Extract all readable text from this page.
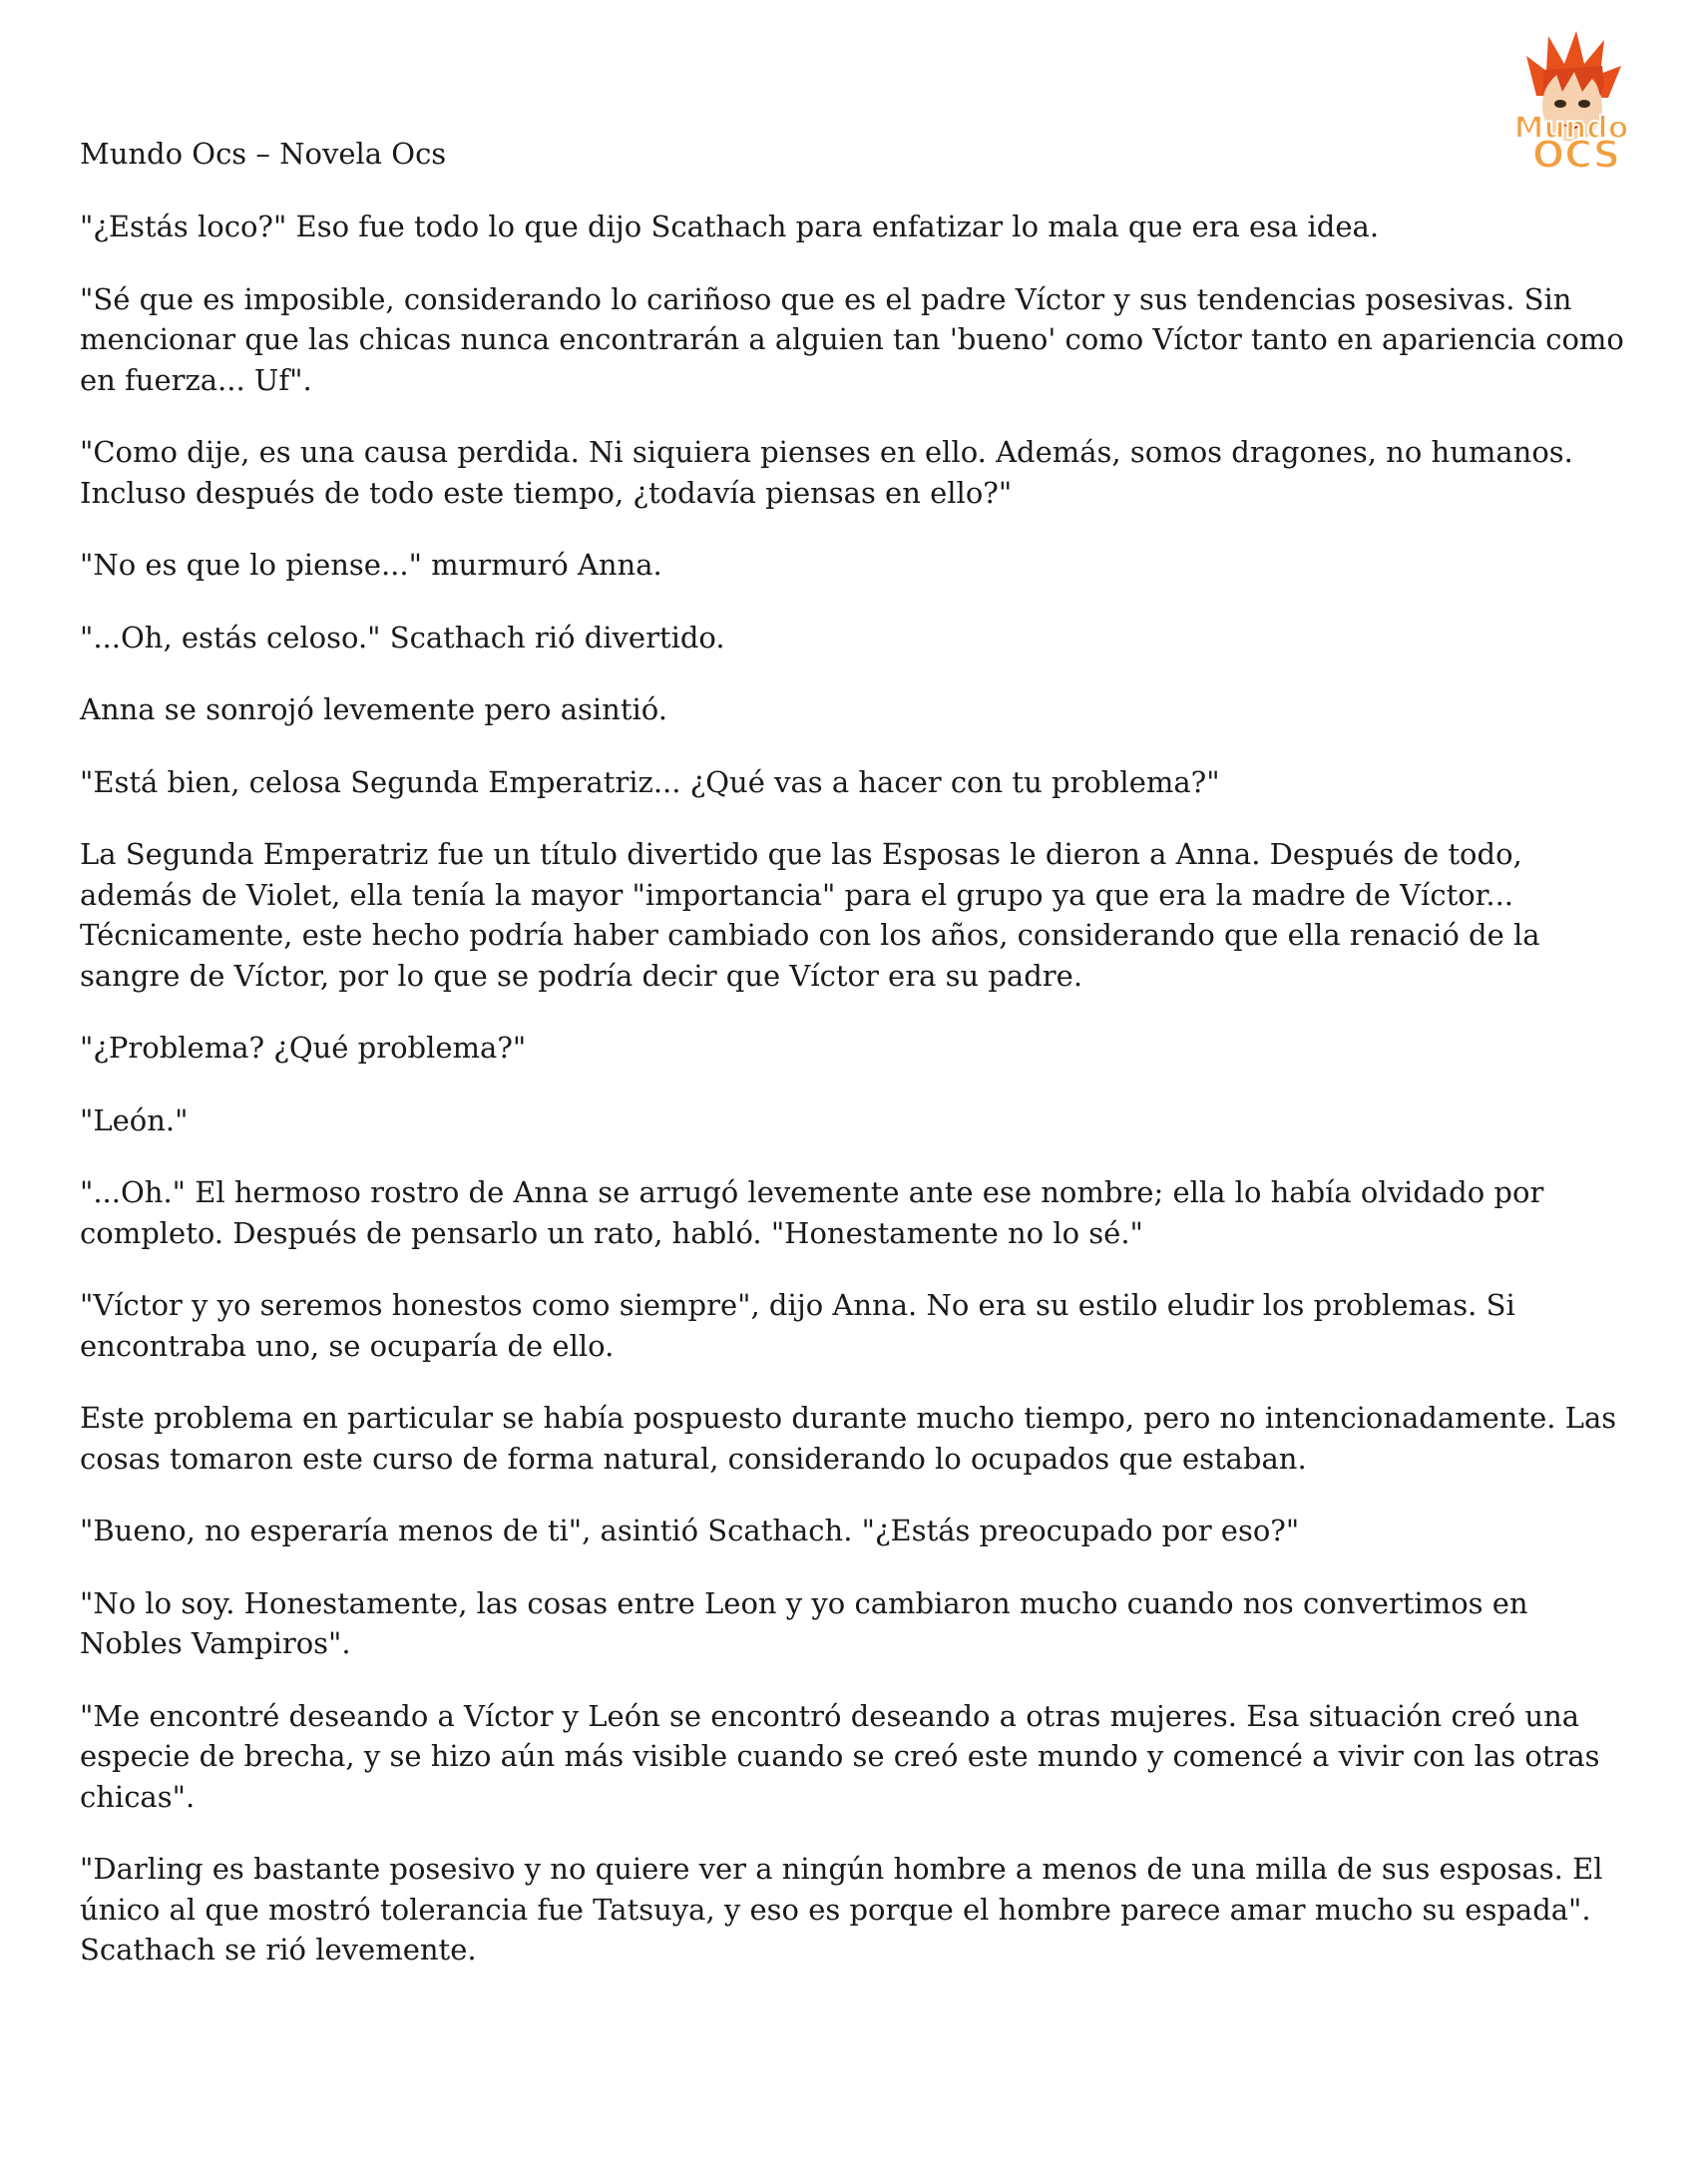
Mundo
OCS
Mundo Ocs – Novela Ocs

"¿Estás loco?" Eso fue todo lo que dijo Scathach para enfatizar lo mala que era esa idea.

"Sé que es imposible, considerando lo cariñoso que es el padre Víctor y sus tendencias posesivas. Sin mencionar que las chicas nunca encontrarán a alguien tan 'bueno' como Víctor tanto en apariencia como en fuerza... Uf".

"Como dije, es una causa perdida. Ni siquiera pienses en ello. Además, somos dragones, no humanos. Incluso después de todo este tiempo, ¿todavía piensas en ello?"

"No es que lo piense..." murmuró Anna.

"...Oh, estás celoso." Scathach rió divertido.

Anna se sonrojó levemente pero asintió.

"Está bien, celosa Segunda Emperatriz... ¿Qué vas a hacer con tu problema?"

La Segunda Emperatriz fue un título divertido que las Esposas le dieron a Anna. Después de todo, además de Violet, ella tenía la mayor "importancia" para el grupo ya que era la madre de Víctor... Técnicamente, este hecho podría haber cambiado con los años, considerando que ella renació de la sangre de Víctor, por lo que se podría decir que Víctor era su padre.

"¿Problema? ¿Qué problema?"

"León."

"...Oh." El hermoso rostro de Anna se arrugó levemente ante ese nombre; ella lo había olvidado por completo. Después de pensarlo un rato, habló. "Honestamente no lo sé."

"Víctor y yo seremos honestos como siempre", dijo Anna. No era su estilo eludir los problemas. Si encontraba uno, se ocuparía de ello.

Este problema en particular se había pospuesto durante mucho tiempo, pero no intencionadamente. Las cosas tomaron este curso de forma natural, considerando lo ocupados que estaban.

"Bueno, no esperaría menos de ti", asintió Scathach. "¿Estás preocupado por eso?"

"No lo soy. Honestamente, las cosas entre Leon y yo cambiaron mucho cuando nos convertimos en Nobles Vampiros".

"Me encontré deseando a Víctor y León se encontró deseando a otras mujeres. Esa situación creó una especie de brecha, y se hizo aún más visible cuando se creó este mundo y comencé a vivir con las otras chicas".

"Darling es bastante posesivo y no quiere ver a ningún hombre a menos de una milla de sus esposas. El único al que mostró tolerancia fue Tatsuya, y eso es porque el hombre parece amar mucho su espada". Scathach se rió levemente.
